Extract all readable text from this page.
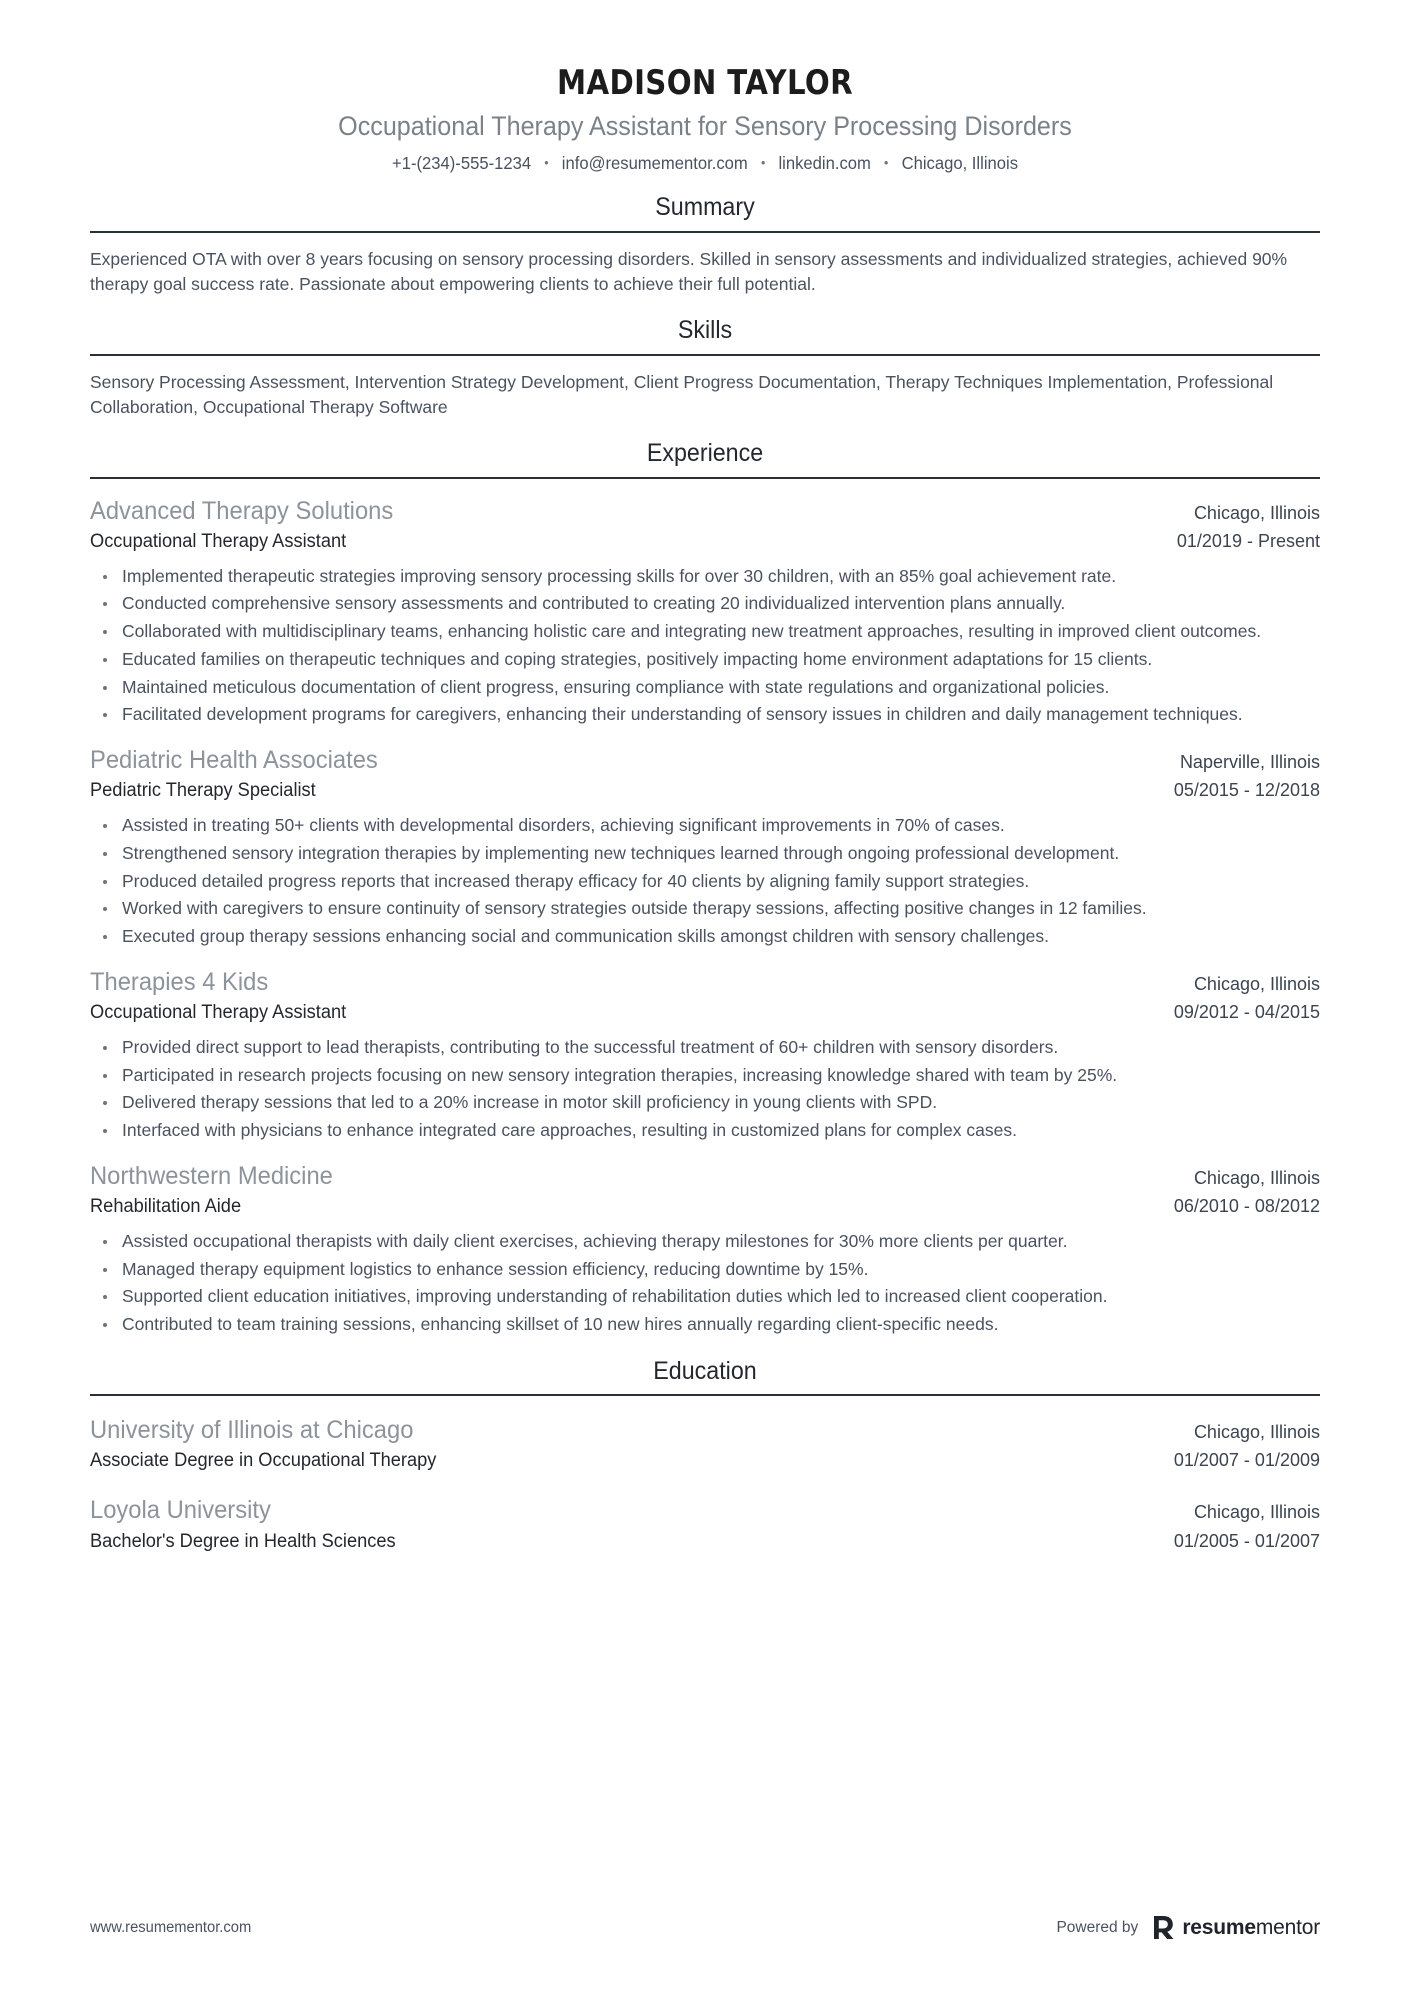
MADISON TAYLOR
Occupational Therapy Assistant for Sensory Processing Disorders
+1-(234)-555-1234 • info@resumementor.com • linkedin.com • Chicago, Illinois
Summary

Experienced OTA with over 8 years focusing on sensory processing disorders. Skilled in sensory assessments and individualized strategies, achieved 90% therapy goal success rate. Passionate about empowering clients to achieve their full potential.

Skills

Sensory Processing Assessment, Intervention Strategy Development, Client Progress Documentation, Therapy Techniques Implementation, Professional Collaboration, Occupational Therapy Software

Experience
Advanced Therapy Solutions	Chicago, Illinois
Occupational Therapy Assistant	01/2019 - Present
Implemented therapeutic strategies improving sensory processing skills for over 30 children, with an 85% goal achievement rate.
Conducted comprehensive sensory assessments and contributed to creating 20 individualized intervention plans annually.
Collaborated with multidisciplinary teams, enhancing holistic care and integrating new treatment approaches, resulting in improved client outcomes.
Educated families on therapeutic techniques and coping strategies, positively impacting home environment adaptations for 15 clients.
Maintained meticulous documentation of client progress, ensuring compliance with state regulations and organizational policies.
Facilitated development programs for caregivers, enhancing their understanding of sensory issues in children and daily management techniques.
Pediatric Health Associates	Naperville, Illinois
Pediatric Therapy Specialist	05/2015 - 12/2018
Assisted in treating 50+ clients with developmental disorders, achieving significant improvements in 70% of cases.
Strengthened sensory integration therapies by implementing new techniques learned through ongoing professional development.
Produced detailed progress reports that increased therapy efficacy for 40 clients by aligning family support strategies.
Worked with caregivers to ensure continuity of sensory strategies outside therapy sessions, affecting positive changes in 12 families.
Executed group therapy sessions enhancing social and communication skills amongst children with sensory challenges.
Therapies 4 Kids	Chicago, Illinois
Occupational Therapy Assistant	09/2012 - 04/2015
Provided direct support to lead therapists, contributing to the successful treatment of 60+ children with sensory disorders.
Participated in research projects focusing on new sensory integration therapies, increasing knowledge shared with team by 25%.
Delivered therapy sessions that led to a 20% increase in motor skill proficiency in young clients with SPD.
Interfaced with physicians to enhance integrated care approaches, resulting in customized plans for complex cases.
Northwestern Medicine	Chicago, Illinois
Rehabilitation Aide	06/2010 - 08/2012
Assisted occupational therapists with daily client exercises, achieving therapy milestones for 30% more clients per quarter.
Managed therapy equipment logistics to enhance session efficiency, reducing downtime by 15%.
Supported client education initiatives, improving understanding of rehabilitation duties which led to increased client cooperation.
Contributed to team training sessions, enhancing skillset of 10 new hires annually regarding client-specific needs.
Education
University of Illinois at Chicago	Chicago, Illinois
Associate Degree in Occupational Therapy	01/2007 - 01/2009
Loyola University	Chicago, Illinois
Bachelor's Degree in Health Sciences	01/2005 - 01/2007
www.resumementor.com	Powered by resumementor
